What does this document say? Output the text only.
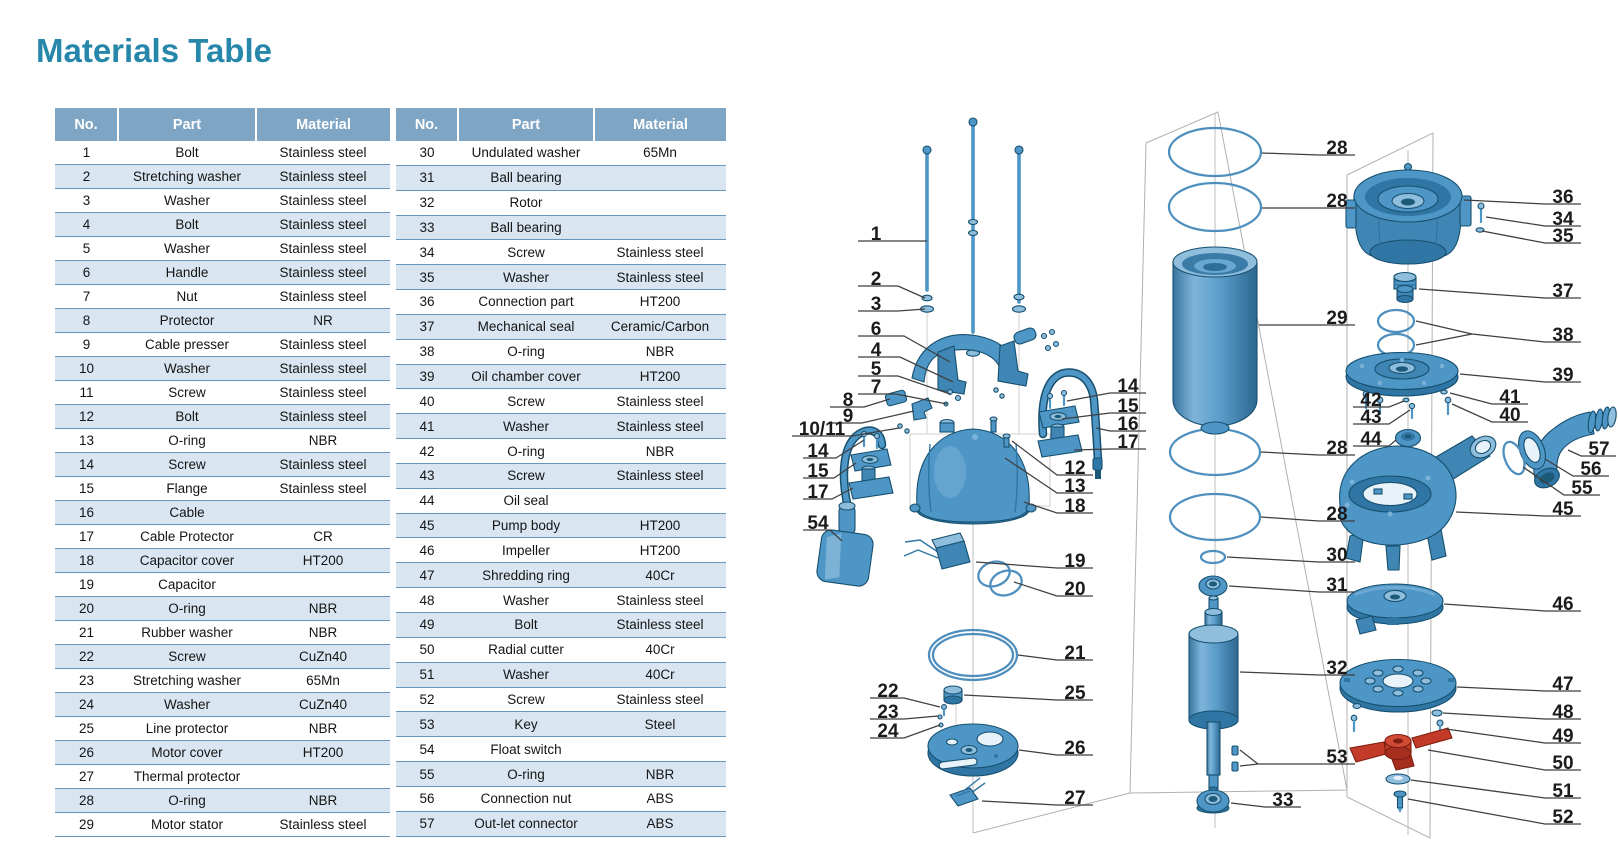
Materials Table
No.	Part	Material
1	Bolt	Stainless steel
2	Stretching washer	Stainless steel
3	Washer	Stainless steel
4	Bolt	Stainless steel
5	Washer	Stainless steel
6	Handle	Stainless steel
7	Nut	Stainless steel
8	Protector	NR
9	Cable presser	Stainless steel
10	Washer	Stainless steel
11	Screw	Stainless steel
12	Bolt	Stainless steel
13	O-ring	NBR
14	Screw	Stainless steel
15	Flange	Stainless steel
16	Cable	
17	Cable Protector	CR
18	Capacitor cover	HT200
19	Capacitor	
20	O-ring	NBR
21	Rubber washer	NBR
22	Screw	CuZn40
23	Stretching washer	65Mn
24	Washer	CuZn40
25	Line protector	NBR
26	Motor cover	HT200
27	Thermal protector	
28	O-ring	NBR
29	Motor stator	Stainless steel
No.	Part	Material
30	Undulated washer	65Mn
31	Ball bearing	
32	Rotor	
33	Ball bearing	
34	Screw	Stainless steel
35	Washer	Stainless steel
36	Connection part	HT200
37	Mechanical seal	Ceramic/Carbon
38	O-ring	NBR
39	Oil chamber cover	HT200
40	Screw	Stainless steel
41	Washer	Stainless steel
42	O-ring	NBR
43	Screw	Stainless steel
44	Oil seal	
45	Pump body	HT200
46	Impeller	HT200
47	Shredding ring	40Cr
48	Washer	Stainless steel
49	Bolt	Stainless steel
50	Radial cutter	40Cr
51	Washer	40Cr
52	Screw	Stainless steel
53	Key	Steel
54	Float switch	
55	O-ring	NBR
56	Connection nut	ABS
57	Out-let connector	ABS
1
2
3
6
4
5
7
8
9
10/11
14
15
17
54
14
15
16
17
12
13
18
19
20
21
22
23
24
25
26
27
28
28
29
28
28
30
31
32
53
33
36
34
35
37
38
39
41
40
42
43
44	57
56
55
45
46
47
48
49
50
51
52
